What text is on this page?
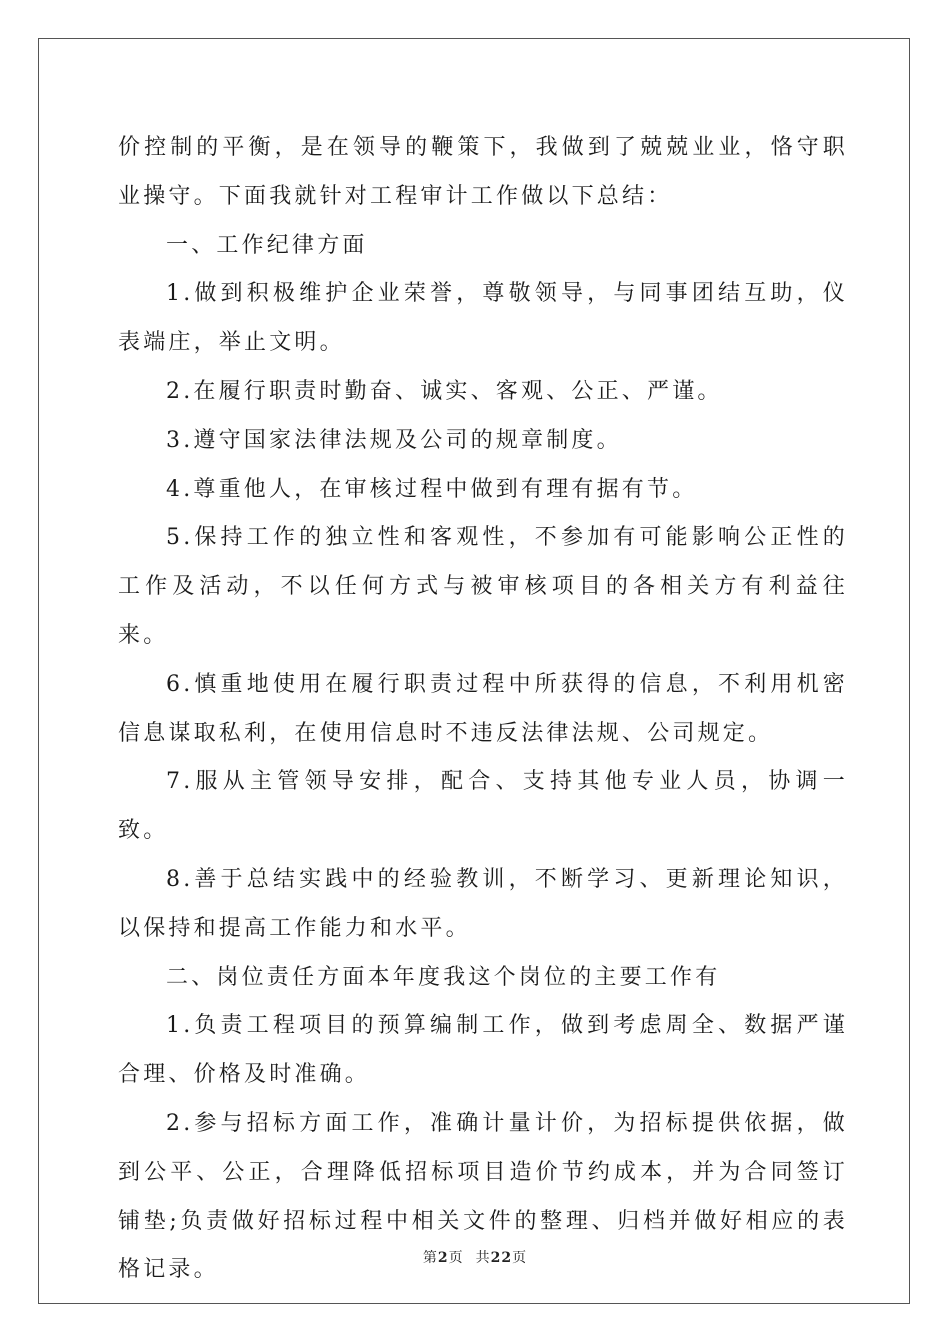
价控制的平衡，是在领导的鞭策下，我做到了兢兢业业，恪守职业操守。下面我就针对工程审计工作做以下总结：

一、工作纪律方面

1.做到积极维护企业荣誉，尊敬领导，与同事团结互助，仪表端庄，举止文明。

2.在履行职责时勤奋、诚实、客观、公正、严谨。

3.遵守国家法律法规及公司的规章制度。

4.尊重他人，在审核过程中做到有理有据有节。

5.保持工作的独立性和客观性，不参加有可能影响公正性的工作及活动，不以任何方式与被审核项目的各相关方有利益往来。

6.慎重地使用在履行职责过程中所获得的信息，不利用机密信息谋取私利，在使用信息时不违反法律法规、公司规定。

7.服从主管领导安排，配合、支持其他专业人员，协调一致。

8.善于总结实践中的经验教训，不断学习、更新理论知识，以保持和提高工作能力和水平。

二、岗位责任方面本年度我这个岗位的主要工作有

1.负责工程项目的预算编制工作，做到考虑周全、数据严谨合理、价格及时准确。

2.参与招标方面工作，准确计量计价，为招标提供依据，做到公平、公正，合理降低招标项目造价节约成本，并为合同签订铺垫;负责做好招标过程中相关文件的整理、归档并做好相应的表格记录。	第2页 共22页
